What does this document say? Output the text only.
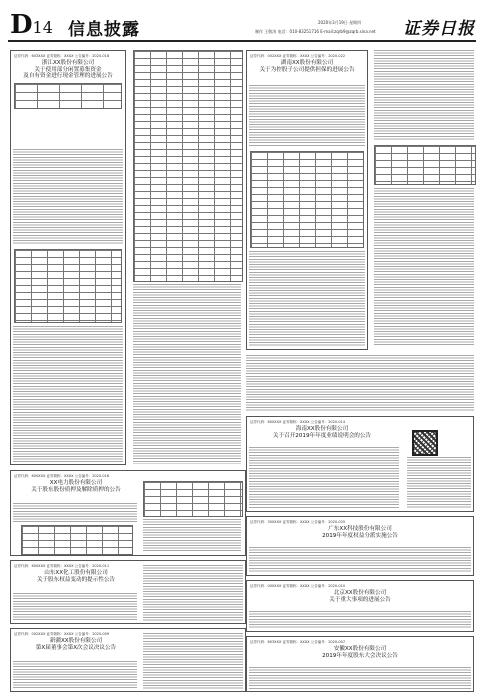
D14 信息披露	2020年3月19日 星期四
制作 王敬涛 电话：010-83251716 E-mail:zqrb9@zqrb.sina.net 证券日报
证券代码：603XXX 证券简称：XXXX 公告编号：2020-018
浙江XX股份有限公司
关于使用部分闲置募集资金
及自有资金进行现金管理的进展公告
证券代码：002XXX 证券简称：XXXX 公告编号：2020-022
湖南XX股份有限公司
关于为控股子公司提供担保的进展公告
证券代码：600XXX 证券简称：XXXX 公告编号：2020-014
海南XX股份有限公司
关于召开2019年年度业绩说明会的公告
证券代码：300XXX 证券简称：XXXX 公告编号：2020-025
广东XX科技股份有限公司
2019年年度权益分派实施公告
证券代码：000XXX 证券简称：XXXX 公告编号：2020-010
北京XX股份有限公司
关于重大事项的进展公告
证券代码：603XXX 证券简称：XXXX 公告编号：2020-007
安徽XX股份有限公司
2019年年度股东大会决议公告
证券代码：600XXX 证券简称：XXXX 公告编号：2020-016
XX电力股份有限公司
关于股东股份质押及解除质押的公告
证券代码：600XXX 证券简称：XXXX 公告编号：2020-011
山东XX化工股份有限公司
关于股东权益变动的提示性公告
证券代码：002XXX 证券简称：XXXX 公告编号：2020-009
新疆XX股份有限公司
第X届董事会第X次会议决议公告
